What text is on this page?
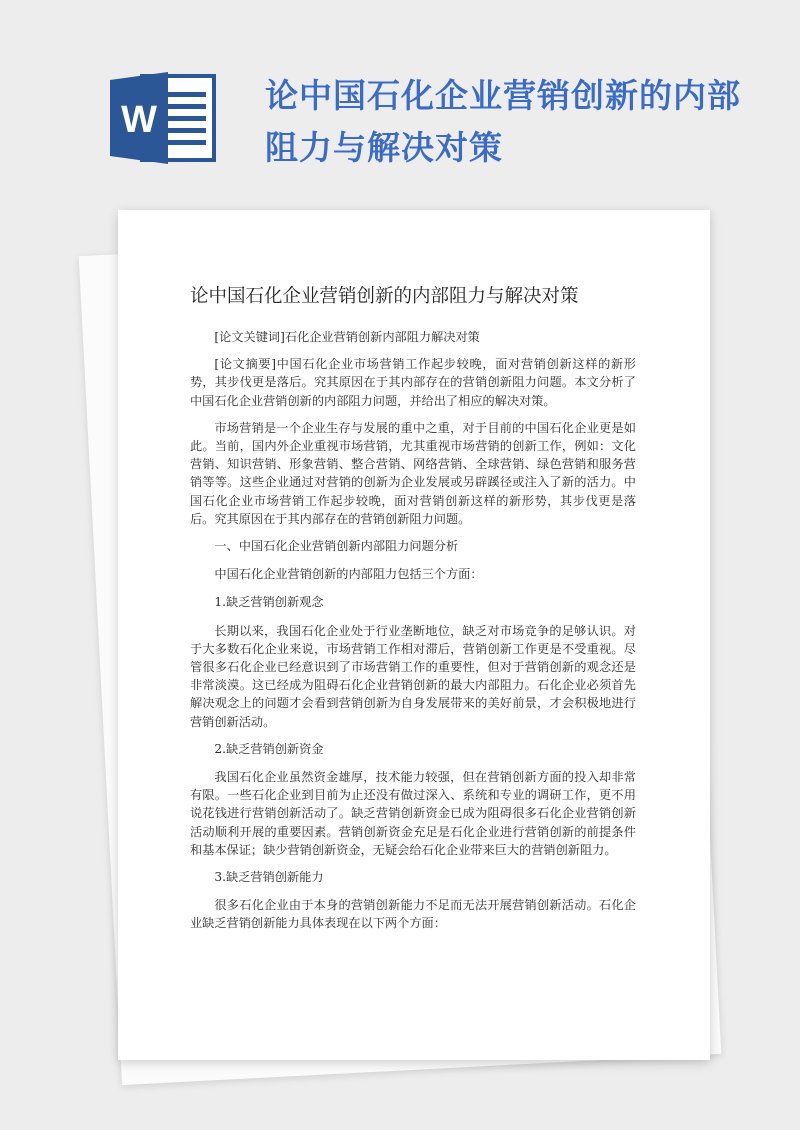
W
论中国石化企业营销创新的内部阻力与解决对策
论中国石化企业营销创新的内部阻力与解决对策

[论文关键词]石化企业营销创新内部阻力解决对策

[论文摘要]中国石化企业市场营销工作起步较晚，面对营销创新这样的新形势，其步伐更是落后。究其原因在于其内部存在的营销创新阻力问题。本文分析了中国石化企业营销创新的内部阻力问题，并给出了相应的解决对策。

市场营销是一个企业生存与发展的重中之重，对于目前的中国石化企业更是如此。当前，国内外企业重视市场营销，尤其重视市场营销的创新工作，例如：文化营销、知识营销、形象营销、整合营销、网络营销、全球营销、绿色营销和服务营销等等。这些企业通过对营销的创新为企业发展或另辟蹊径或注入了新的活力。中国石化企业市场营销工作起步较晚，面对营销创新这样的新形势，其步伐更是落后。究其原因在于其内部存在的营销创新阻力问题。

一、中国石化企业营销创新内部阻力问题分析

中国石化企业营销创新的内部阻力包括三个方面：

1.缺乏营销创新观念

长期以来，我国石化企业处于行业垄断地位，缺乏对市场竞争的足够认识。对于大多数石化企业来说，市场营销工作相对滞后，营销创新工作更是不受重视。尽管很多石化企业已经意识到了市场营销工作的重要性，但对于营销创新的观念还是非常淡漠。这已经成为阻碍石化企业营销创新的最大内部阻力。石化企业必须首先解决观念上的问题才会看到营销创新为自身发展带来的美好前景，才会积极地进行营销创新活动。

2.缺乏营销创新资金

我国石化企业虽然资金雄厚，技术能力较强，但在营销创新方面的投入却非常有限。一些石化企业到目前为止还没有做过深入、系统和专业的调研工作，更不用说花钱进行营销创新活动了。缺乏营销创新资金已成为阻碍很多石化企业营销创新活动顺利开展的重要因素。营销创新资金充足是石化企业进行营销创新的前提条件和基本保证；缺少营销创新资金，无疑会给石化企业带来巨大的营销创新阻力。

3.缺乏营销创新能力

很多石化企业由于本身的营销创新能力不足而无法开展营销创新活动。石化企业缺乏营销创新能力具体表现在以下两个方面：
